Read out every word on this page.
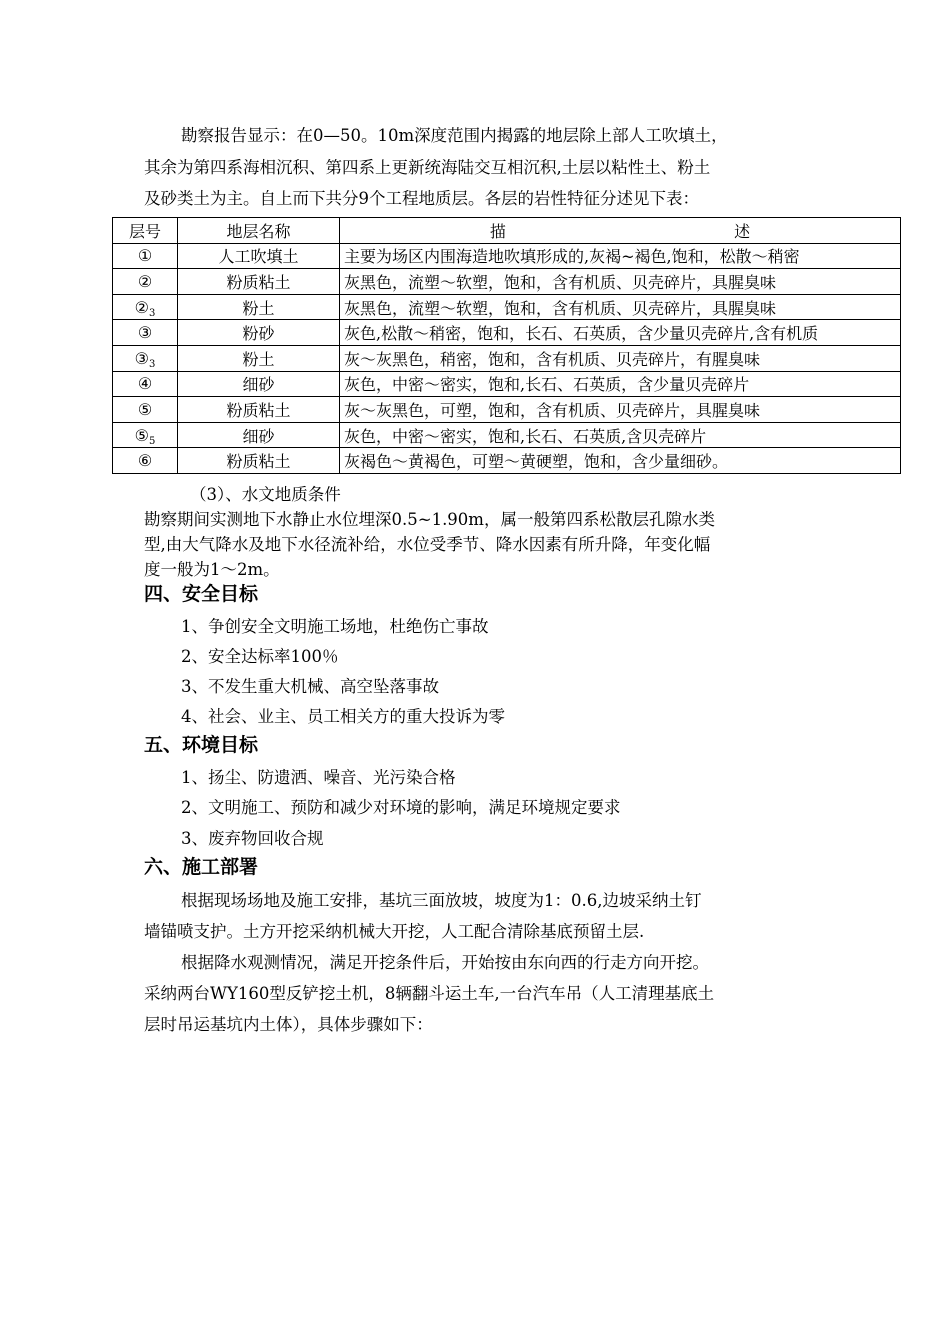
勘察报告显示：在0—50。10m深度范围内揭露的地层除上部人工吹填土，

其余为第四系海相沉积、第四系上更新统海陆交互相沉积,土层以粘性土、粉土

及砂类土为主。自上而下共分9个工程地质层。各层的岩性特征分述见下表：

层号	地层名称	描 述
①	人工吹填土	主要为场区内围海造地吹填形成的,灰褐~褐色,饱和，松散～稍密
②	粉质粘土	灰黑色，流塑～软塑，饱和，含有机质、贝壳碎片，具腥臭味
②3	粉土	灰黑色，流塑～软塑，饱和，含有机质、贝壳碎片，具腥臭味
③	粉砂	灰色,松散～稍密，饱和，长石、石英质，含少量贝壳碎片,含有机质
③3	粉土	灰～灰黑色，稍密，饱和，含有机质、贝壳碎片，有腥臭味
④	细砂	灰色，中密～密实，饱和,长石、石英质，含少量贝壳碎片
⑤	粉质粘土	灰～灰黑色，可塑，饱和，含有机质、贝壳碎片，具腥臭味
⑤5	细砂	灰色，中密～密实，饱和,长石、石英质,含贝壳碎片
⑥	粉质粘土	灰褐色～黄褐色，可塑～黄硬塑，饱和，含少量细砂。

（3）、水文地质条件

勘察期间实测地下水静止水位埋深0.5~1.90m，属一般第四系松散层孔隙水类

型,由大气降水及地下水径流补给，水位受季节、降水因素有所升降，年变化幅

度一般为1～2m。

四、安全目标

1、争创安全文明施工场地，杜绝伤亡事故

2、安全达标率100％

3、不发生重大机械、高空坠落事故

4、社会、业主、员工相关方的重大投诉为零

五、环境目标

1、扬尘、防遗洒、噪音、光污染合格

2、文明施工、预防和减少对环境的影响，满足环境规定要求

3、废弃物回收合规

六、施工部署

根据现场场地及施工安排，基坑三面放坡，坡度为1：0.6,边坡采纳土钉

墙锚喷支护。土方开挖采纳机械大开挖，人工配合清除基底预留土层.

根据降水观测情况，满足开挖条件后，开始按由东向西的行走方向开挖。

采纳两台WY160型反铲挖土机，8辆翻斗运土车,一台汽车吊（人工清理基底土

层时吊运基坑内土体），具体步骤如下：
